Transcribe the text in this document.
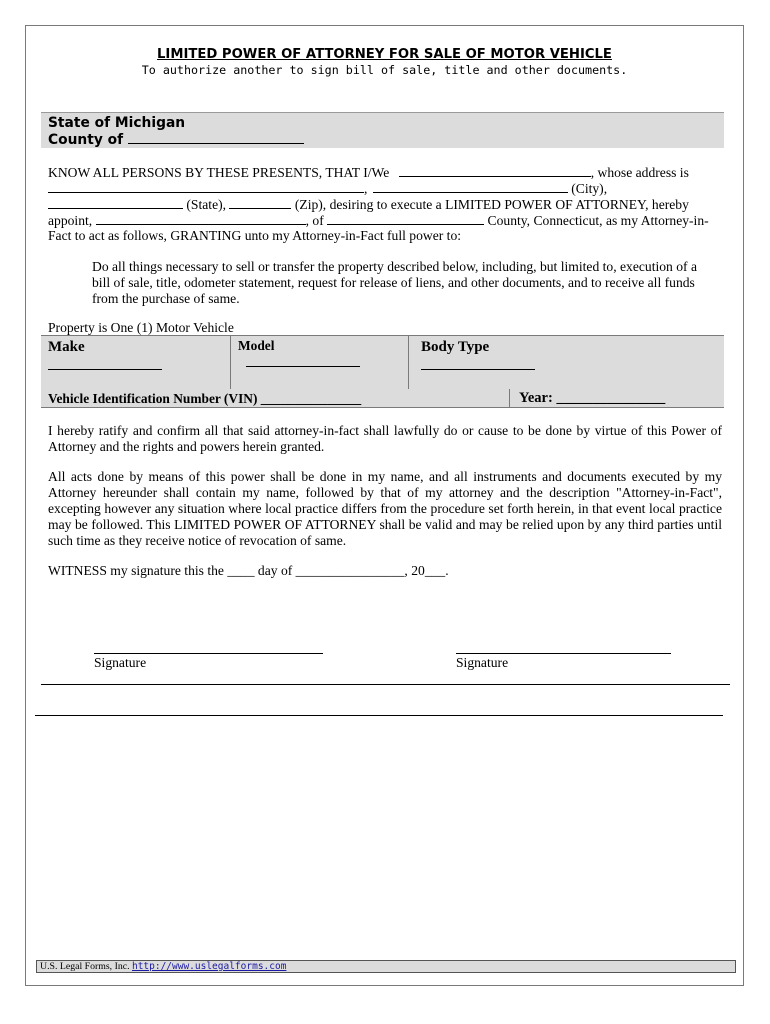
LIMITED POWER OF ATTORNEY FOR SALE OF MOTOR VEHICLE
To authorize another to sign bill of sale, title and other documents.
State of Michigan
County of
KNOW ALL PERSONS BY THESE PRESENTS, THAT I/We	, whose address is
,	(City),
(State),	(Zip), desiring to execute a LIMITED POWER OF ATTORNEY, hereby
appoint,	, of	County, Connecticut, as my Attorney-in-
Fact to act as follows, GRANTING unto my Attorney-in-Fact full power to:
Do all things necessary to sell or transfer the property described below, including, but limited to, execution of a bill of sale, title, odometer statement, request for release of liens, and other documents, and to receive all funds from the purchase of same.
Property is One (1) Motor Vehicle
Make	Model	Body Type
Vehicle Identification Number (VIN) _______________	Year: _______________
I hereby ratify and confirm all that said attorney-in-fact shall lawfully do or cause to be done by virtue of this Power of Attorney and the rights and powers herein granted.
All acts done by means of this power shall be done in my name, and all instruments and documents executed by my Attorney hereunder shall contain my name, followed by that of my attorney and the description "Attorney-in-Fact", excepting however any situation where local practice differs from the procedure set forth herein, in that event local practice may be followed. This LIMITED POWER OF ATTORNEY shall be valid and may be relied upon by any third parties until such time as they receive notice of revocation of same.
WITNESS my signature this the ____ day of ________________, 20___.
Signature	Signature
U.S. Legal Forms, Inc. http://www.uslegalforms.com
